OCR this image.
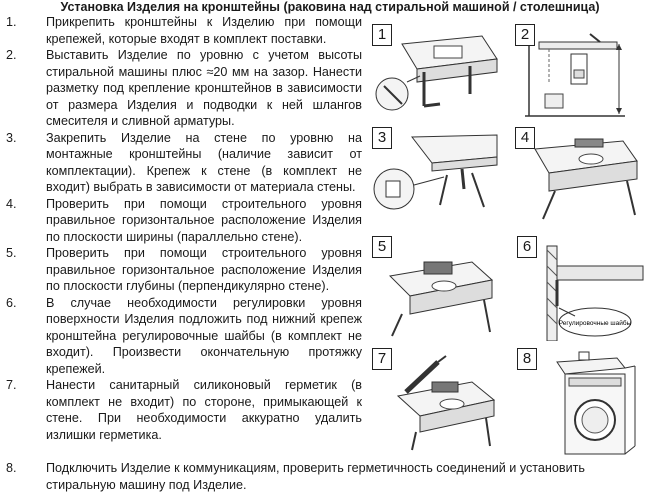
Установка Изделия на кронштейны (раковина над стиральной машиной / столешница)
1. Прикрепить кронштейны к Изделию при помощи крепежей, которые входят в комплект поставки.
2. Выставить Изделие по уровню с учетом высоты стиральной машины плюс ≈20 мм на зазор. Нанести разметку под крепление кронштейнов в зависимости от размера Изделия и подводки к ней шлангов смесителя и сливной арматуры.
3. Закрепить Изделие на стене по уровню на монтажные кронштейны (наличие зависит от комплектации). Крепеж к стене (в комплект не входит) выбрать в зависимости от материала стены.
4. Проверить при помощи строительного уровня правильное горизонтальное расположение Изделия по плоскости ширины (параллельно стене).
5. Проверить при помощи строительного уровня правильное горизонтальное расположение Изделия по плоскости глубины (перпендикулярно стене).
6. В случае необходимости регулировки уровня поверхности Изделия подложить под нижний крепеж кронштейна регулировочные шайбы (в комплект не входит). Произвести окончательную протяжку крепежей.
7. Нанести санитарный силиконовый герметик (в комплект не входит) по стороне, примыкающей к стене. При необходимости аккуратно удалить излишки герметика.
8. Подключить Изделие к коммуникациям, проверить герметичность соединений и установить стиральную машину под Изделие.
1	2
3	4
5
Регулировочные шайбы
6
7	8
